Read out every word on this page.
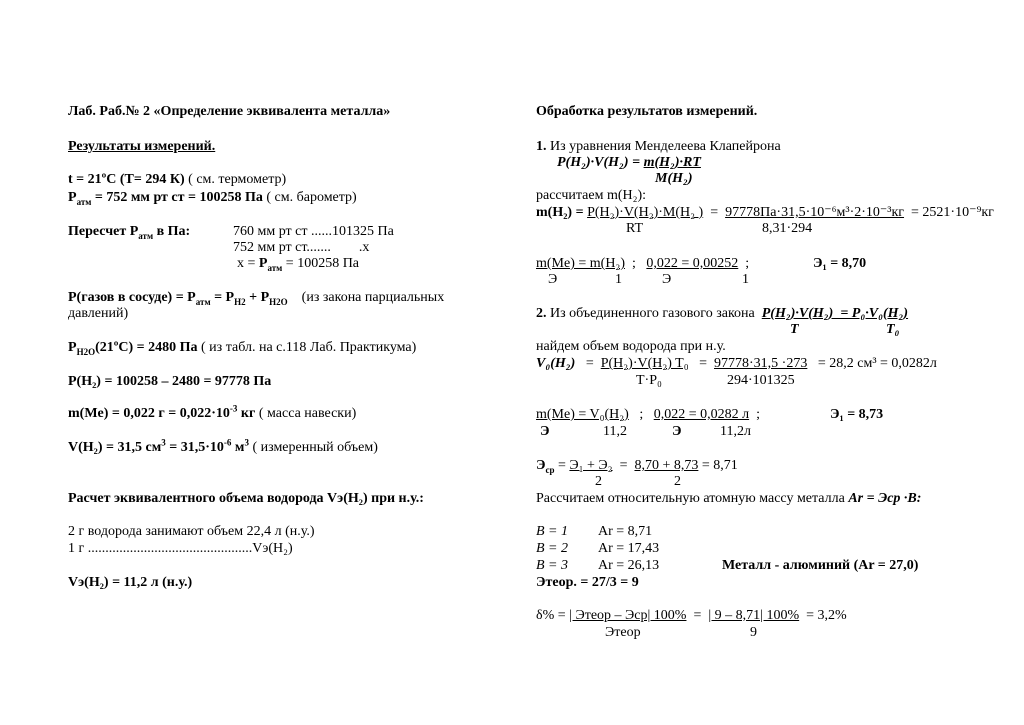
Лаб. Раб.№ 2 «Определение эквивалента металла»
Результаты измерений.
t = 21ºС (Т= 294 К) ( см. термометр)
$Р_{атм} = 752$ мм рт ст = 100258 Па ( см. барометр)
Пересчет $Р_{атм}$ в Па:	760 мм рт ст ......101325 Па
752 мм рт ст.......        .х
$х = Р_{атм} = 100258$ Па
Р(газов в сосуде) = $Р_{атм} = Р_{H2} + Р_{H2O}$    (из закона парциальных
давлений)
$Р_{H2O}(21ºС) = 2480$ Па ( из табл. на с.118 Лаб. Практикума)
Р(Н₂) = 100258 – 2480 = 97778 Па
m(Me) = 0,022 $г = 0,022\cdot 10^{-3}$ кг ( масса навески)
V(H₂) = 31,5 $см^3 = 31,5\cdot 10^{-6}$ $м^3$ ( измеренный объем)
Расчет эквивалентного объема водорода Vэ(Н₂) при н.у.:
2 г водорода занимают объем 22,4 л (н.у.)
1 г ...............................................Vэ(Н₂)
Vэ(Н₂) = 11,2 л (н.у.)
Обработка результатов измерений.
1. Из уравнения Менделеева Клапейрона
P(H₂)·V(H₂) = m(H₂)·RT
M(H₂)
рассчитаем m(H₂):
m(H₂) = P(H₂)·V(H₂)·M(H₂ )  =  97778Па·31,5·10⁻⁶м³·2·10⁻³кг  = 2521·10⁻⁹кг
RT	8,31·294
m(Me) = m(H₂)  ;   0,022 = 0,00252  ;	Э₁ = 8,70
Э	1	Э	1
2. Из объединенного газового закона  P(H₂)·V(H₂)  = P₀·V₀(H₂)
T	T₀
найдем объем водорода при н.у.
V₀(H₂)   =  P(H₂)·V(H₂) T₀   =  97778·31,5 ·273   = 28,2 см³ = 0,0282л
T·P₀	294·101325
m(Me) = V₀(H₂)   ;   0,022 = 0,0282 л  ;	Э₁ = 8,73
Э	11,2	Э	11,2л
$Э_{ср} = Э_1 + Э_2 = 8,70 + 8,73 = 8,71$
2	2
Рассчитаем относительную атомную массу металла Аr = Эср ·В:
В = 1 Аr = 8,71
В = 2 Аr = 17,43
В = 3 Аr = 26,13	Металл - алюминий (Аr = 27,0)
Этеор. = 27/3 = 9
δ% = | Этеор – Эср| 100%  =  | 9 – 8,71| 100%  = 3,2%
Этеор	9
